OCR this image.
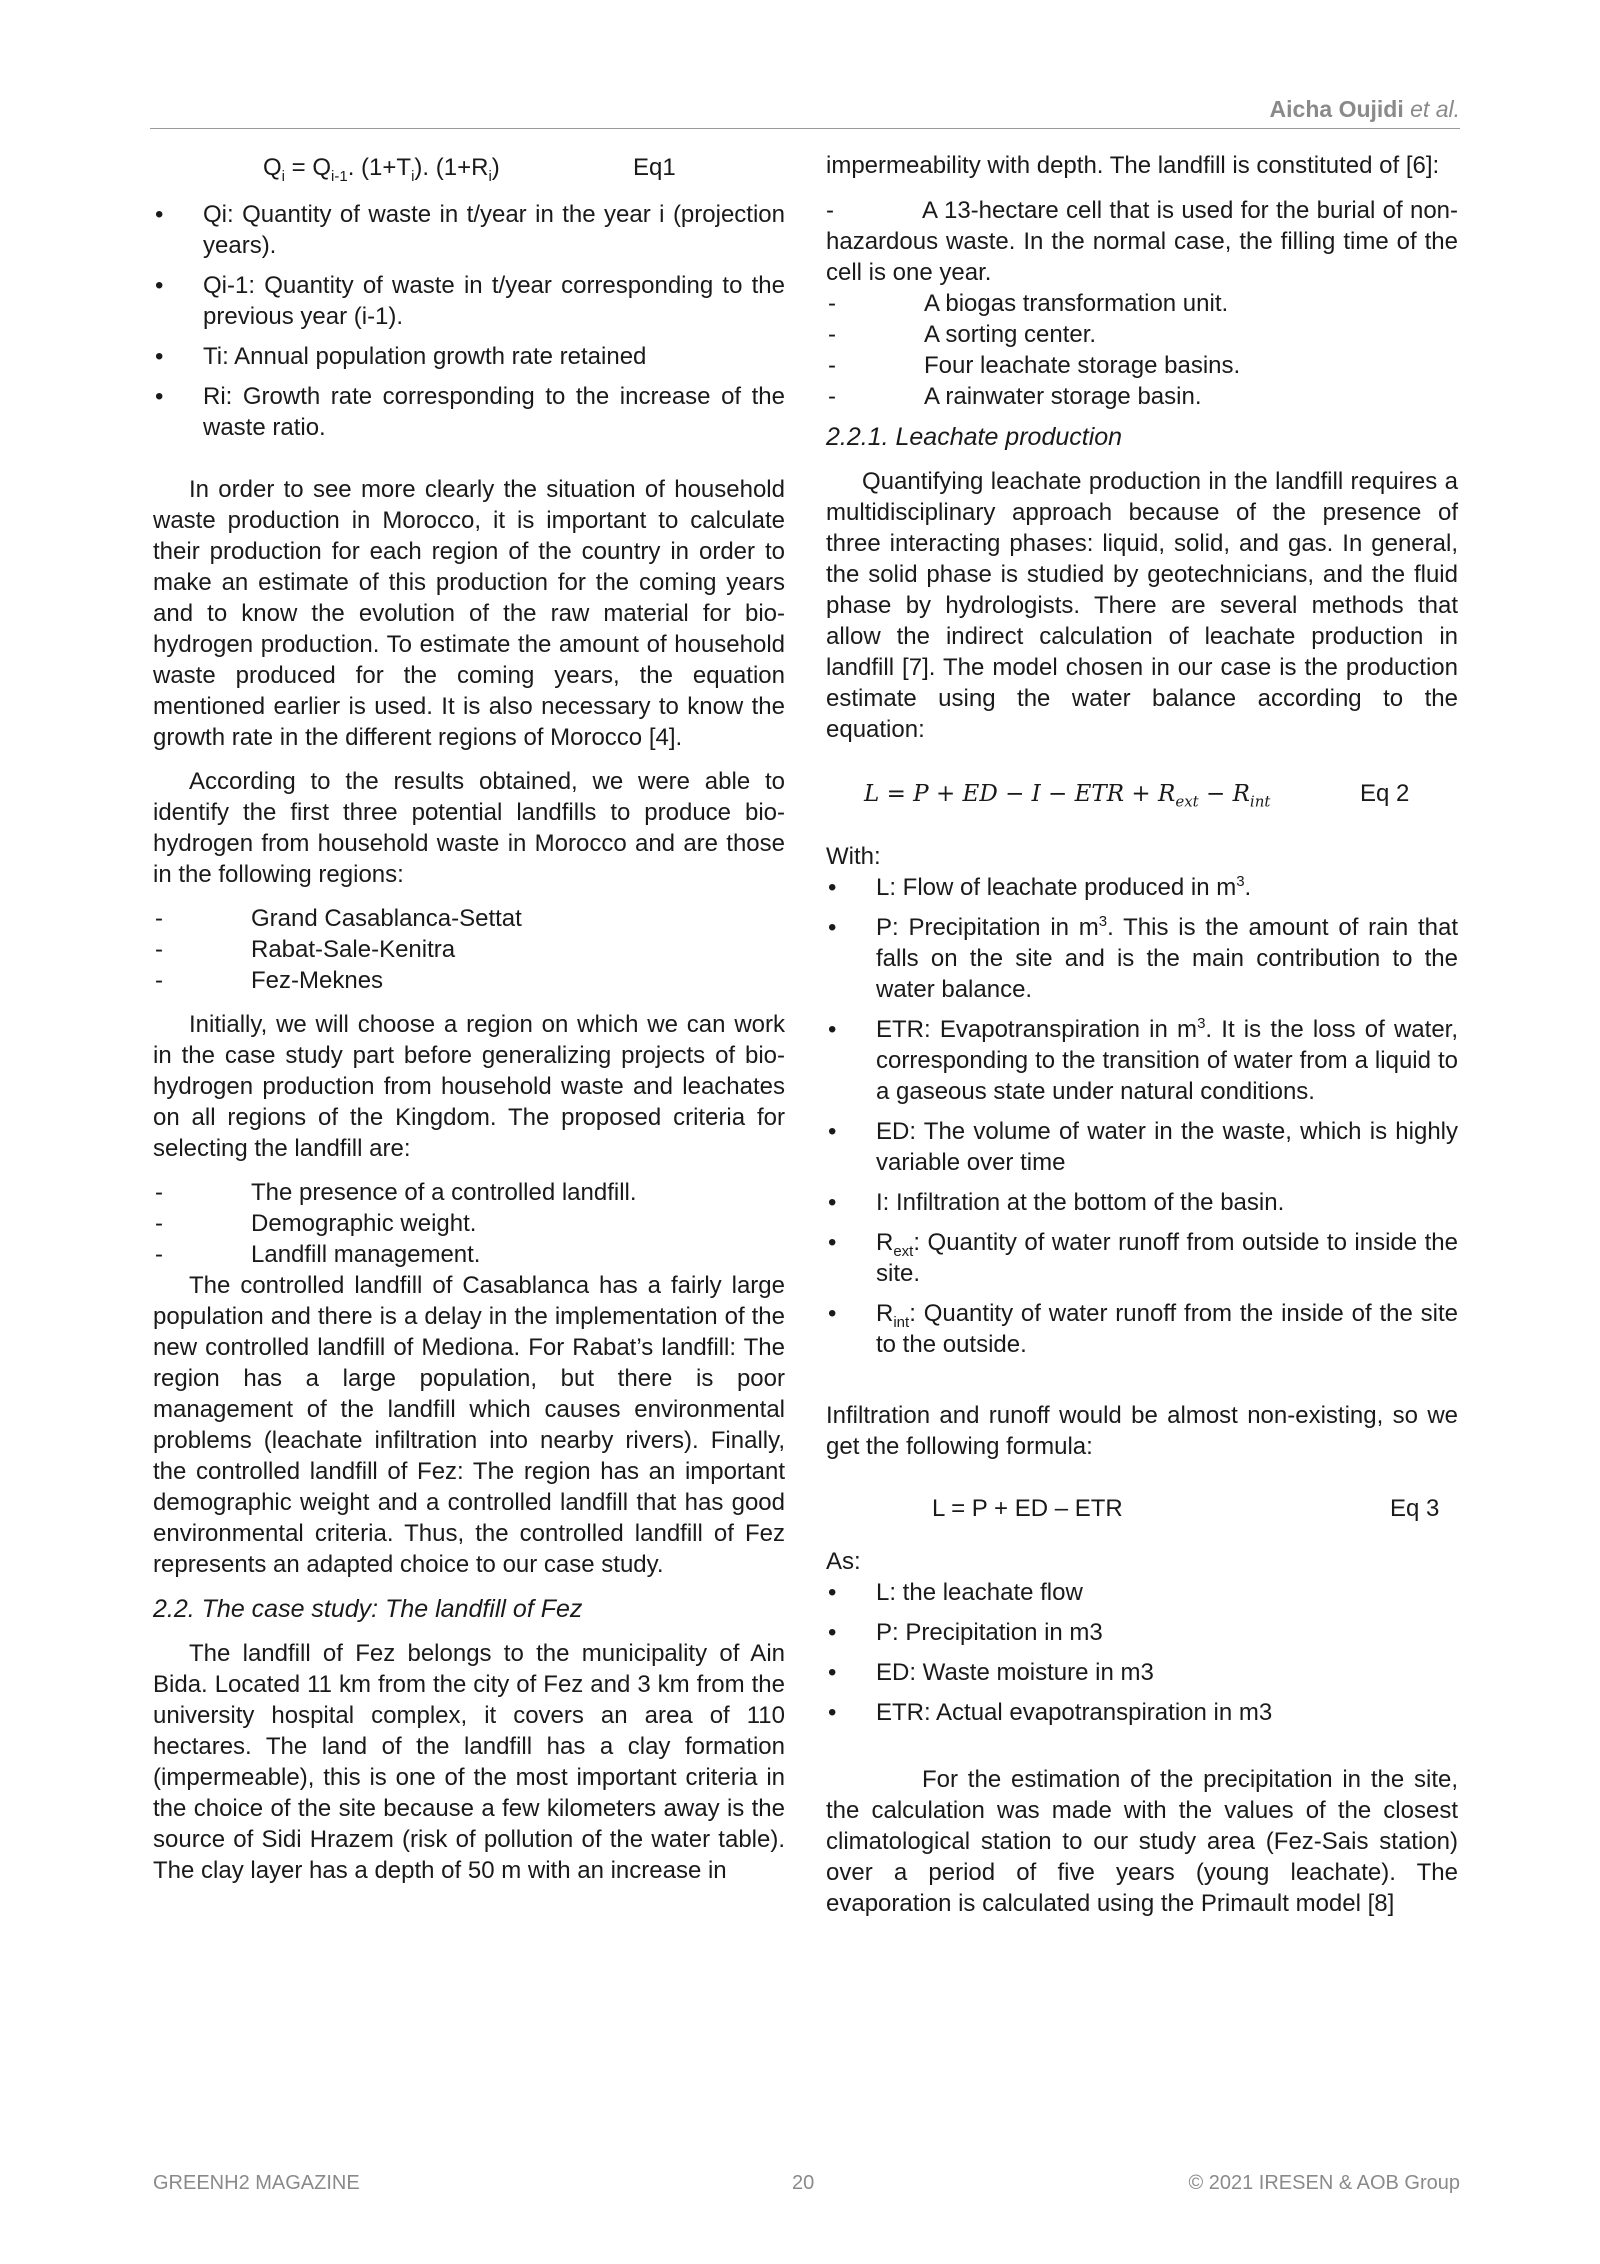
Aicha Oujidi et al.
$Q_i = Q_{i-1}$. $(1+T_i)$. $(1+R_i)$	Eq1
•	Qi: Quantity of waste in t/year in the year i (projection years).
•	Qi-1: Quantity of waste in t/year corresponding to the previous year (i-1).
•	Ti: Annual population growth rate retained
•	Ri: Growth rate corresponding to the increase of the waste ratio.

In order to see more clearly the situation of household waste production in Morocco, it is important to calculate their production for each region of the country in order to make an estimate of this production for the coming years and to know the evolution of the raw material for bio-hydrogen production. To estimate the amount of household waste produced for the coming years, the equation mentioned earlier is used. It is also necessary to know the growth rate in the different regions of Morocco [4].

According to the results obtained, we were able to identify the first three potential landfills to produce bio-hydrogen from household waste in Morocco and are those in the following regions:

-	Grand Casablanca-Settat
-	Rabat-Sale-Kenitra
-	Fez-Meknes

Initially, we will choose a region on which we can work in the case study part before generalizing projects of bio-hydrogen production from household waste and leachates on all regions of the Kingdom. The proposed criteria for selecting the landfill are:

-	The presence of a controlled landfill.
-	Demographic weight.
-	Landfill management.

The controlled landfill of Casablanca has a fairly large population and there is a delay in the implementation of the new controlled landfill of Mediona. For Rabat’s landfill: The region has a large population, but there is poor management of the landfill which causes environmental problems (leachate infiltration into nearby rivers). Finally, the controlled landfill of Fez: The region has an important demographic weight and a controlled landfill that has good environmental criteria. Thus, the controlled landfill of Fez represents an adapted choice to our case study.

2.2. The case study: The landfill of Fez

The landfill of Fez belongs to the municipality of Ain Bida. Located 11 km from the city of Fez and 3 km from the university hospital complex, it covers an area of 110 hectares. The land of the landfill has a clay formation (impermeable), this is one of the most important criteria in the choice of the site because a few kilometers away is the source of Sidi Hrazem (risk of pollution of the water table). The clay layer has a depth of 50 m with an increase in

impermeability with depth. The landfill is constituted of [6]:

-	A 13-hectare cell that is used for the burial of non-hazardous waste. In the normal case, the filling time of the cell is one year.
-	A biogas transformation unit.
-	A sorting center.
-	Four leachate storage basins.
-	A rainwater storage basin.

2.2.1. Leachate production

Quantifying leachate production in the landfill requires a multidisciplinary approach because of the presence of three interacting phases: liquid, solid, and gas. In general, the solid phase is studied by geotechnicians, and the fluid phase by hydrologists. There are several methods that allow the indirect calculation of leachate production in landfill [7]. The model chosen in our case is the production estimate using the water balance according to the equation:

L = P + ED − I − ETR + $R_{ext} - R_{int}$	Eq 2

With:

•	L: Flow of leachate produced in $m^3$.
•	P: Precipitation in $m^3$. This is the amount of rain that falls on the site and is the main contribution to the water balance.
•	ETR: Evapotranspiration in $m^3$. It is the loss of water, corresponding to the transition of water from a liquid to a gaseous state under natural conditions.
•	ED: The volume of water in the waste, which is highly variable over time
•	I: Infiltration at the bottom of the basin.
•	$R_{ext}$: Quantity of water runoff from outside to inside the site.
•	$R_{int}$: Quantity of water runoff from the inside of the site to the outside.

Infiltration and runoff would be almost non-existing, so we get the following formula:

L = P + ED – ETR	Eq 3

As:

•	L: the leachate flow
•	P: Precipitation in m3
•	ED: Waste moisture in m3
•	ETR: Actual evapotranspiration in m3

For the estimation of the precipitation in the site, the calculation was made with the values of the closest climatological station to our study area (Fez-Sais station) over a period of five years (young leachate). The evaporation is calculated using the Primault model [8]

GREENH2 MAGAZINE	20	© 2021 IRESEN & AOB Group
